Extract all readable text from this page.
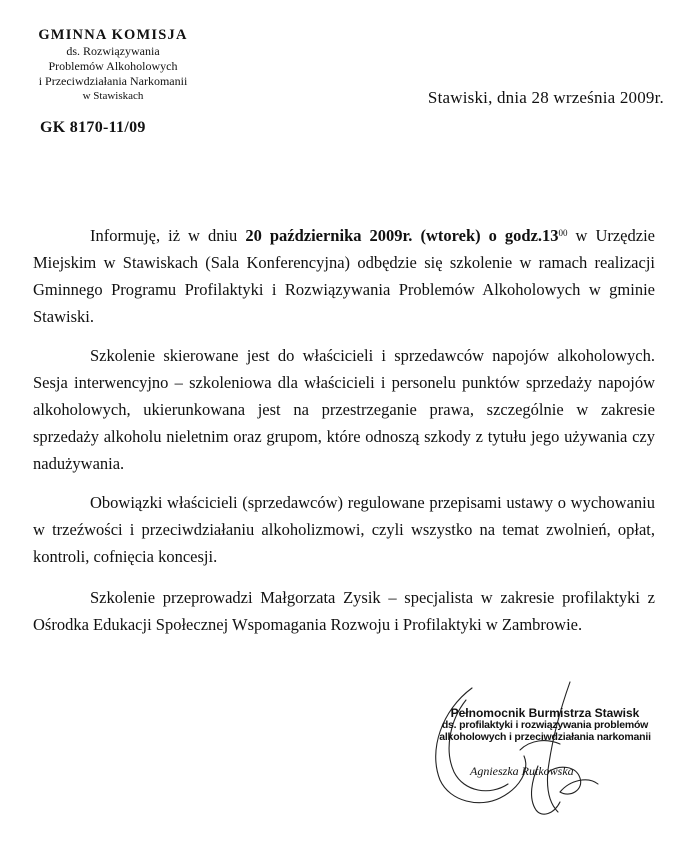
GMINNA KOMISJA
ds. Rozwiązywania
Problemów Alkoholowych
i Przeciwdziałania Narkomanii
w Stawiskach	Stawiski, dnia 28 września 2009r.
GK 8170-11/09

Informuję, iż w dniu 20 października 2009r. (wtorek) o $godz.13^{00}$ w Urzędzie Miejskim w Stawiskach (Sala Konferencyjna) odbędzie się szkolenie w ramach realizacji Gminnego Programu Profilaktyki i Rozwiązywania Problemów Alkoholowych w gminie Stawiski.

Szkolenie skierowane jest do właścicieli i sprzedawców napojów alkoholowych. Sesja interwencyjno – szkoleniowa dla właścicieli i personelu punktów sprzedaży napojów alkoholowych, ukierunkowana jest na przestrzeganie prawa, szczególnie w zakresie sprzedaży alkoholu nieletnim oraz grupom, które odnoszą szkody z tytułu jego używania czy nadużywania.

Obowiązki właścicieli (sprzedawców) regulowane przepisami ustawy o wychowaniu w trzeźwości i przeciwdziałaniu alkoholizmowi, czyli wszystko na temat zwolnień, opłat, kontroli, cofnięcia koncesji.

Szkolenie przeprowadzi Małgorzata Zysik – specjalista w zakresie profilaktyki z Ośrodka Edukacji Społecznej Wspomagania Rozwoju i Profilaktyki w Zambrowie.

Pełnomocnik Burmistrza Stawisk
ds. profilaktyki i rozwiązywania problemów
alkoholowych i przeciwdziałania narkomanii
Agnieszka Rutkowska
